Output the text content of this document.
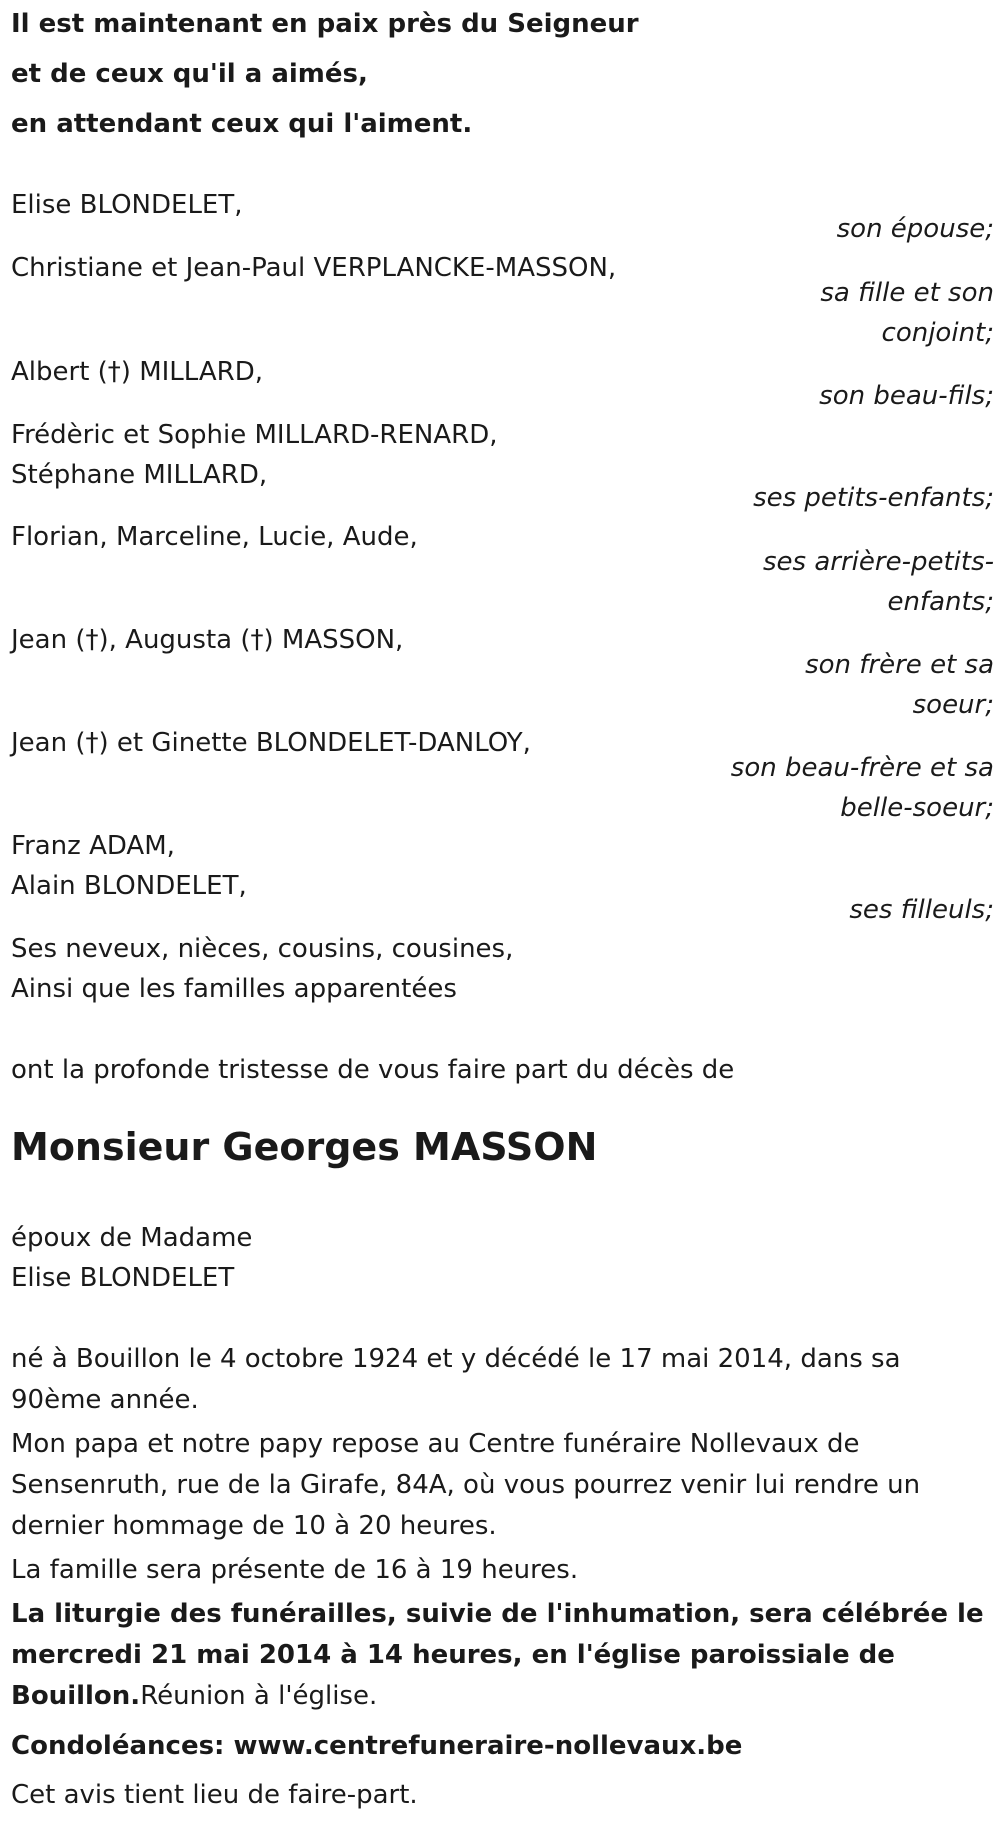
Il est maintenant en paix près du Seigneur
et de ceux qu'il a aimés,
en attendant ceux qui l'aiment.
Elise BLONDELET,
son épouse;
Christiane et Jean-Paul VERPLANCKE-MASSON,
sa fille et son
conjoint;
Albert (†) MILLARD,
son beau-fils;
Frédèric et Sophie MILLARD-RENARD,
Stéphane MILLARD,
ses petits-enfants;
Florian, Marceline, Lucie, Aude,
ses arrière-petits-
enfants;
Jean (†), Augusta (†) MASSON,
son frère et sa
soeur;
Jean (†) et Ginette BLONDELET-DANLOY,
son beau-frère et sa
belle-soeur;
Franz ADAM,
Alain BLONDELET,
ses filleuls;
Ses neveux, nièces, cousins, cousines,
Ainsi que les familles apparentées
ont la profonde tristesse de vous faire part du décès de
Monsieur Georges MASSON
époux de Madame
Elise BLONDELET

né à Bouillon le 4 octobre 1924 et y décédé le 17 mai 2014, dans sa 90ème année.

Mon papa et notre papy repose au Centre funéraire Nollevaux de Sensenruth, rue de la Girafe, 84A, où vous pourrez venir lui rendre un dernier hommage de 10 à 20 heures.

La famille sera présente de 16 à 19 heures.

La liturgie des funérailles, suivie de l'inhumation, sera célébrée le mercredi 21 mai 2014 à 14 heures, en l'église paroissiale de Bouillon.Réunion à l'église.

Condoléances: www.centrefuneraire-nollevaux.be
Cet avis tient lieu de faire-part.
